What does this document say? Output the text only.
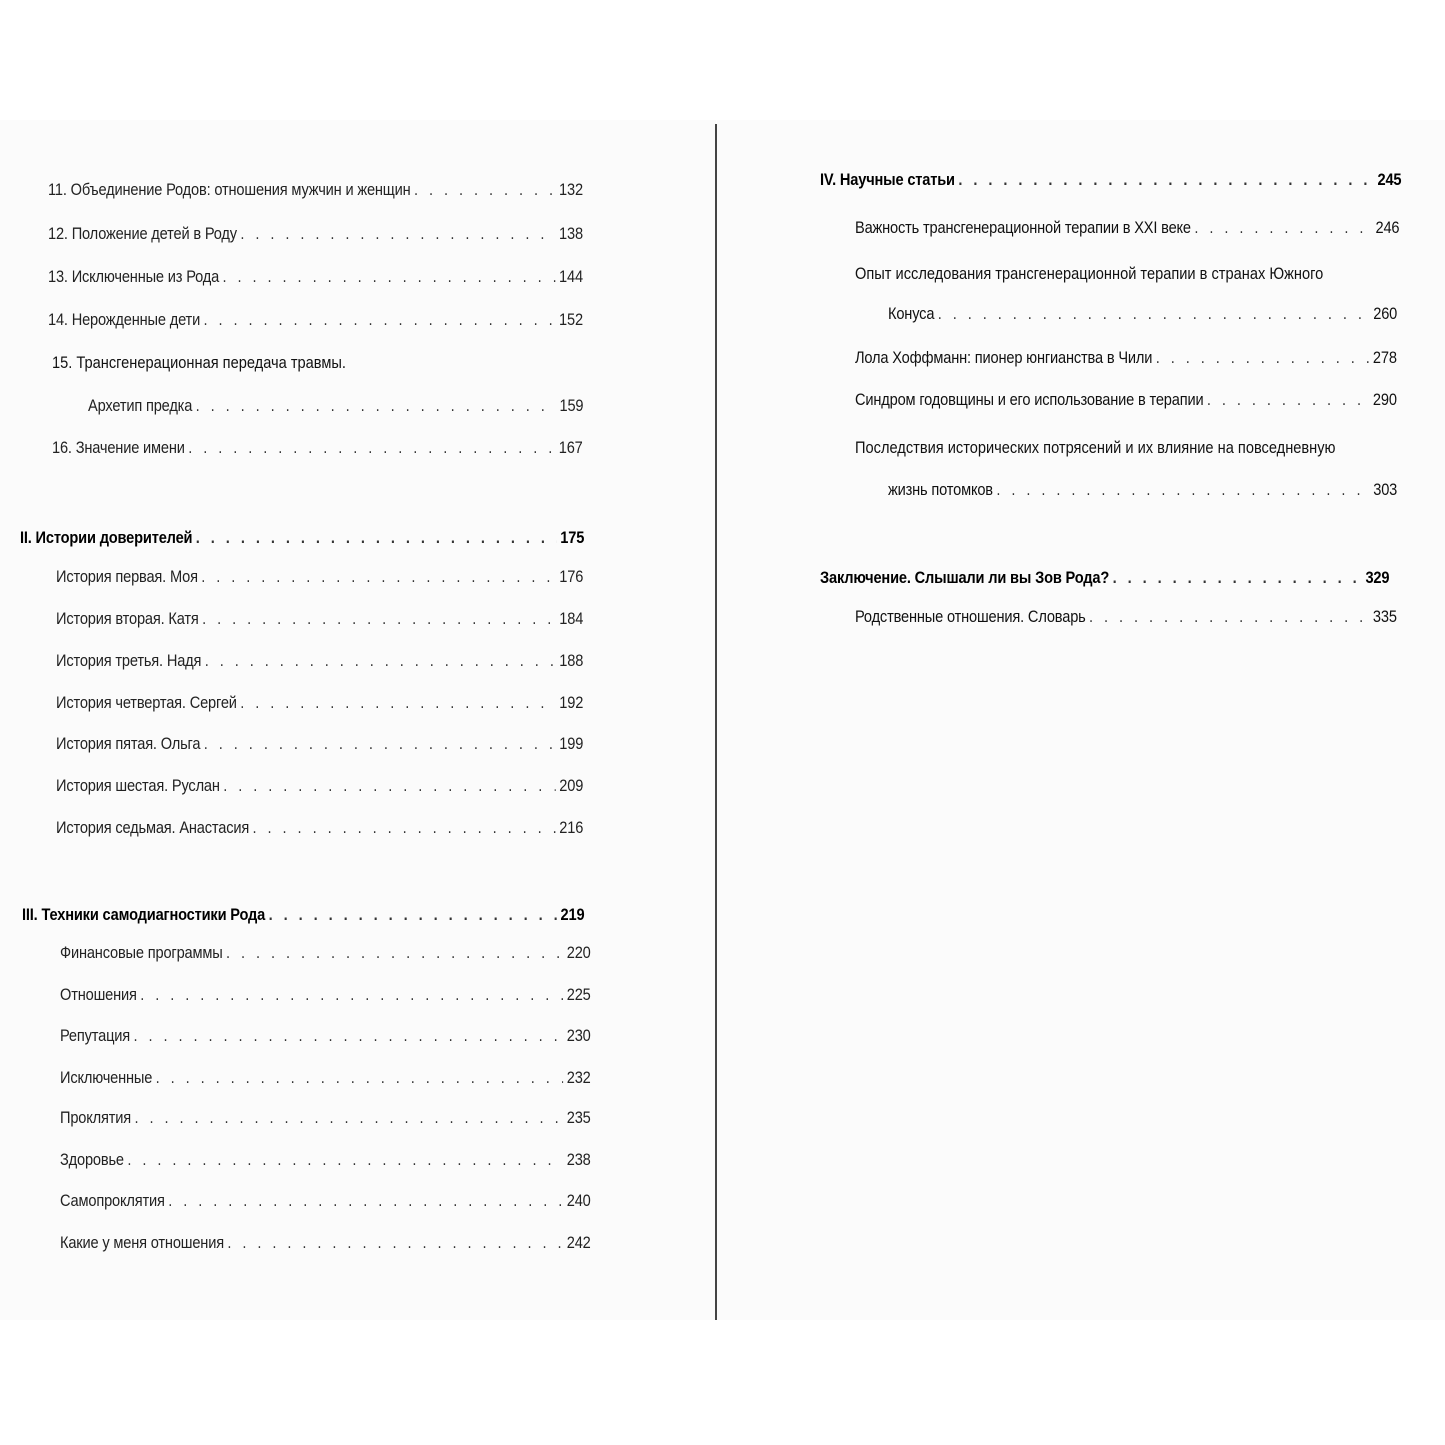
11. Объединение Родов: отношения мужчин и женщин . . .	132
12. Положение детей в Роду . . .	138
13. Исключенные из Рода . . .	144
14. Нерожденные дети . . .	152
15. Трансгенерационная передача травмы.
Архетип предка . . .	159
16. Значение имени . . .	167
II. Истории доверителей . . .	175
История первая. Моя . . .	176
История вторая. Катя . . .	184
История третья. Надя . . .	188
История четвертая. Сергей . . .	192
История пятая. Ольга . . .	199
История шестая. Руслан . . .	209
История седьмая. Анастасия . . .	216
III. Техники самодиагностики Рода . . .	219
Финансовые программы . . .	220
Отношения . . .	225
Репутация . . .	230
Исключенные . . .	232
Проклятия . . .	235
Здоровье . . .	238
Самопроклятия . . .	240
Какие у меня отношения . . .	242
IV. Научные статьи . . .	245
Важность трансгенерационной терапии в XXI веке . . .	246
Опыт исследования трансгенерационной терапии в странах Южного
Конуса . . .	260
Лола Хоффманн: пионер юнгианства в Чили . . .	278
Синдром годовщины и его использование в терапии . . .	290
Последствия исторических потрясений и их влияние на повседневную
жизнь потомков . . .	303
Заключение. Слышали ли вы Зов Рода? . . .	329
Родственные отношения. Словарь . . .	335
